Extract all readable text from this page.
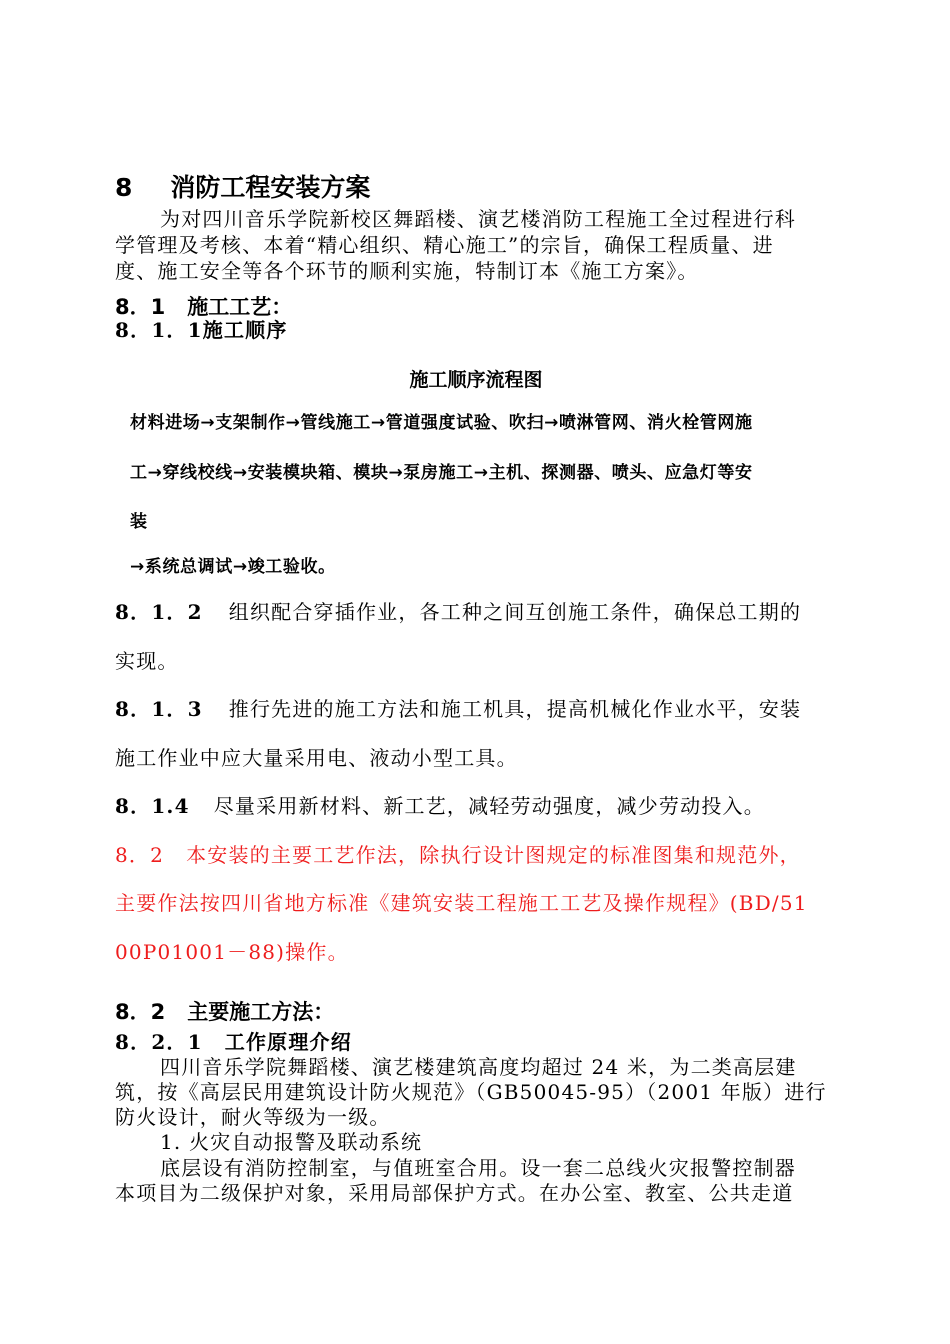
8 消防工程安装方案
为对四川音乐学院新校区舞蹈楼、演艺楼消防工程施工全过程进行科
学管理及考核、本着“精心组织、精心施工”的宗旨，确保工程质量、进
度、施工安全等各个环节的顺利实施，特制订本《施工方案》。
8．1 施工工艺：
8．1．1施工顺序
施工顺序流程图
材料进场→支架制作→管线施工→管道强度试验、吹扫→喷淋管网、消火栓管网施
工→穿线校线→安装模块箱、模块→泵房施工→主机、探测器、喷头、应急灯等安
装
→系统总调试→竣工验收。
8．1．2 组织配合穿插作业，各工种之间互创施工条件，确保总工期的
实现。
8．1．3 推行先进的施工方法和施工机具，提高机械化作业水平，安装
施工作业中应大量采用电、液动小型工具。
8．1.4 尽量采用新材料、新工艺，减轻劳动强度，减少劳动投入。
8．2 本安装的主要工艺作法，除执行设计图规定的标准图集和规范外，
主要作法按四川省地方标准《建筑安装工程施工工艺及操作规程》(BD/51
00P01001－88)操作。
8．2 主要施工方法：
8．2．1 工作原理介绍
四川音乐学院舞蹈楼、演艺楼建筑高度均超过 24 米，为二类高层建
筑，按《高层民用建筑设计防火规范》（GB50045-95）（2001 年版）进行
防火设计，耐火等级为一级。
1. 火灾自动报警及联动系统
底层设有消防控制室，与值班室合用。设一套二总线火灾报警控制器
本项目为二级保护对象，采用局部保护方式。在办公室、教室、公共走道
